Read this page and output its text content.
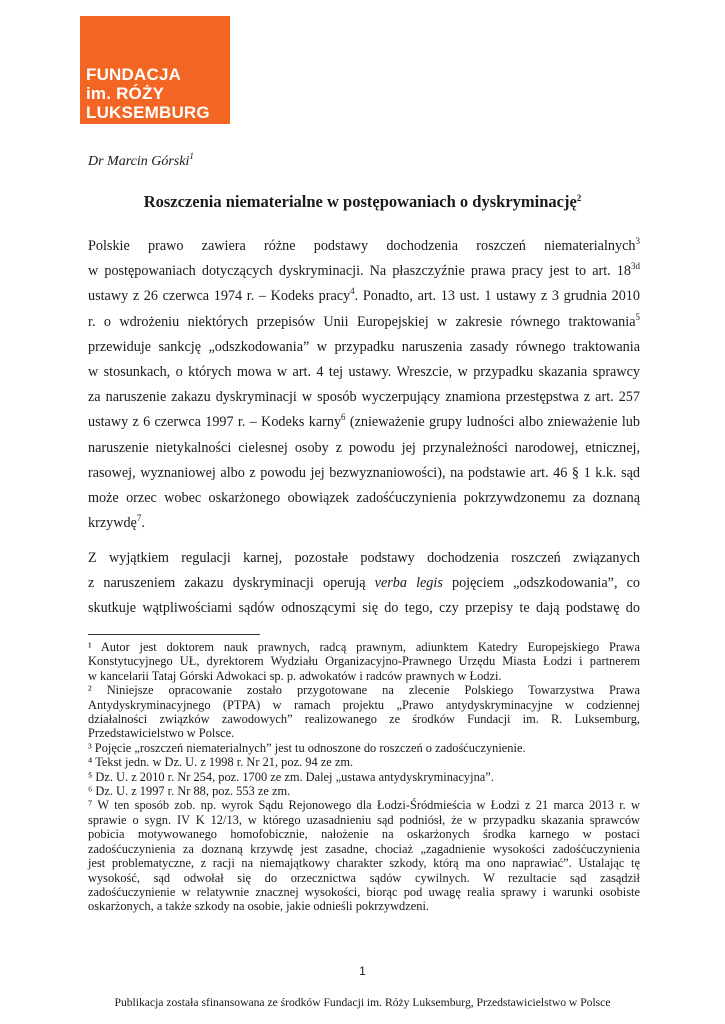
FUNDACJA
im. RÓŻY
LUKSEMBURG
Dr Marcin Górski$^1$
Roszczenia niematerialne w postępowaniach o dyskryminację$^2$
Polskie prawo zawiera różne podstawy dochodzenia roszczeń niematerialnych$^3$
w postępowaniach dotyczących dyskryminacji. Na płaszczyźnie prawa pracy jest to art. $18^{3d}$
ustawy z 26 czerwca 1974 r. – Kodeks pracy$^4$. Ponadto, art. 13 ust. 1 ustawy z 3 grudnia 2010
r. o wdrożeniu niektórych przepisów Unii Europejskiej w zakresie równego traktowania$^5$
przewiduje sankcję „odszkodowania” w przypadku naruszenia zasady równego traktowania
w stosunkach, o których mowa w art. 4 tej ustawy. Wreszcie, w przypadku skazania sprawcy
za naruszenie zakazu dyskryminacji w sposób wyczerpujący znamiona przestępstwa z art. 257
ustawy z 6 czerwca 1997 r. – Kodeks karny$^6$ (znieważenie grupy ludności albo znieważenie lub
naruszenie nietykalności cielesnej osoby z powodu jej przynależności narodowej, etnicznej,
rasowej, wyznaniowej albo z powodu jej bezwyznaniowości), na podstawie art. 46 § 1 k.k. sąd
może orzec wobec oskarżonego obowiązek zadośćuczynienia pokrzywdzonemu za doznaną
krzywdę$^7$.
Z wyjątkiem regulacji karnej, pozostałe podstawy dochodzenia roszczeń związanych
z naruszeniem zakazu dyskryminacji operują verba legis pojęciem „odszkodowania”, co
skutkuje wątpliwościami sądów odnoszącymi się do tego, czy przepisy te dają podstawę do
¹ Autor jest doktorem nauk prawnych, radcą prawnym, adiunktem Katedry Europejskiego Prawa
Konstytucyjnego UŁ, dyrektorem Wydziału Organizacyjno-Prawnego Urzędu Miasta Łodzi i partnerem
w kancelarii Tataj Górski Adwokaci sp. p. adwokatów i radców prawnych w Łodzi.
² Niniejsze opracowanie zostało przygotowane na zlecenie Polskiego Towarzystwa Prawa
Antydyskryminacyjnego (PTPA) w ramach projektu „Prawo antydyskryminacyjne w codziennej
działalności związków zawodowych” realizowanego ze środków Fundacji im. R. Luksemburg,
Przedstawicielstwo w Polsce.
³ Pojęcie „roszczeń niematerialnych” jest tu odnoszone do roszczeń o zadośćuczynienie.
⁴ Tekst jedn. w Dz. U. z 1998 r. Nr 21, poz. 94 ze zm.
⁵ Dz. U. z 2010 r. Nr 254, poz. 1700 ze zm. Dalej „ustawa antydyskryminacyjna”.
⁶ Dz. U. z 1997 r. Nr 88, poz. 553 ze zm.
⁷ W ten sposób zob. np. wyrok Sądu Rejonowego dla Łodzi-Śródmieścia w Łodzi z 21 marca 2013 r. w
sprawie o sygn. IV K 12/13, w którego uzasadnieniu sąd podniósł, że w przypadku skazania sprawców
pobicia motywowanego homofobicznie, nałożenie na oskarżonych środka karnego w postaci
zadośćuczynienia za doznaną krzywdę jest zasadne, chociaż „zagadnienie wysokości zadośćuczynienia
jest problematyczne, z racji na niemajątkowy charakter szkody, którą ma ono naprawiać”. Ustalając tę
wysokość, sąd odwołał się do orzecznictwa sądów cywilnych. W rezultacie sąd zasądził
zadośćuczynienie w relatywnie znacznej wysokości, biorąc pod uwagę realia sprawy i warunki osobiste
oskarżonych, a także szkody na osobie, jakie odnieśli pokrzywdzeni.
1
Publikacja została sfinansowana ze środków Fundacji im. Róży Luksemburg, Przedstawicielstwo w Polsce
